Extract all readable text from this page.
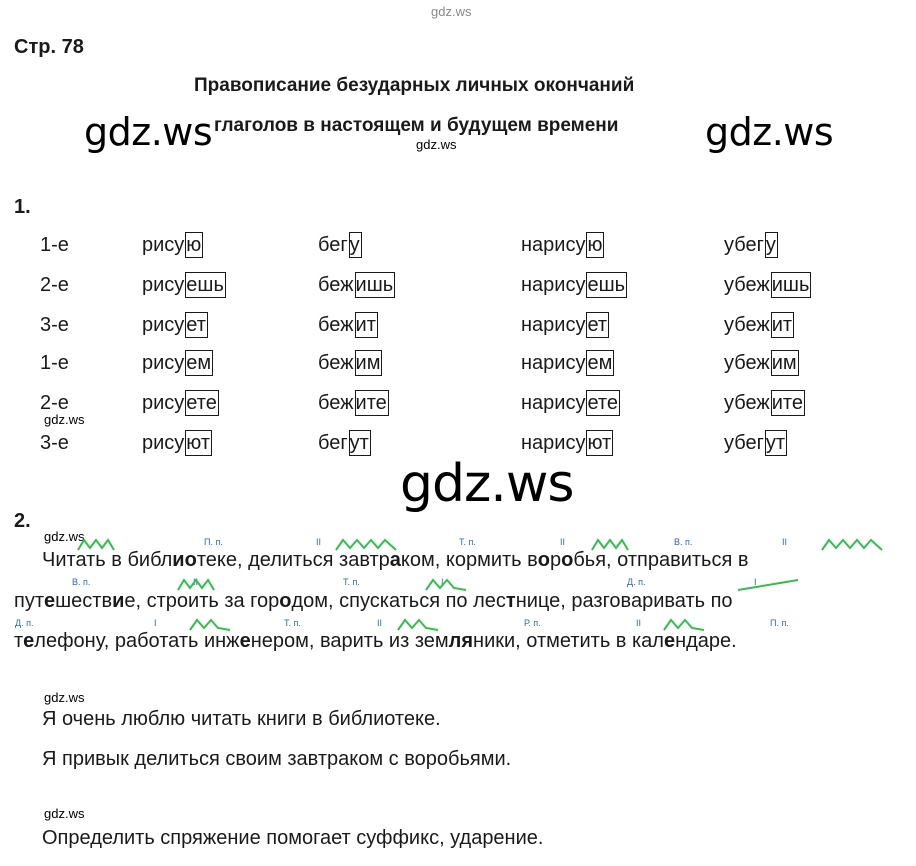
gdz.ws
gdz.ws	gdz.ws
gdz.ws
gdz.ws
gdz.ws
gdz.ws
gdz.ws
gdz.ws
Стр. 78
Правописание безударных личных окончаний
глаголов в настоящем и будущем времени
1.
1-е	рису ю	бег у	нарису ю	убег у
2-е	рису ешь	беж ишь	нарису ешь	убеж ишь
3-е	рису ет	беж ит	нарису ет	убеж ит
1-е	рису ем	беж им	нарису ем	убеж им
2-е	рису ете	беж ите	нарису ете	убеж ите
3-е	рису ют	бег ут	нарису ют	убег ут
2.
Читать в библиотеке, делиться завтраком, кормить воробья, отправиться в
путешествие, строить за городом, спускаться по лестнице, разговаривать по
телефону, работать инженером, варить из земляники, отметить в календаре.
П. п.	II	Т. п.	II	В. п.	II
В. п.	II	Т. п.	I	Д. п.	I
Д. п.	I	Т. п.	II	Р. п.	II	П. п.
Я очень люблю читать книги в библиотеке.
Я привык делиться своим завтраком с воробьями.
Определить спряжение помогает суффикс, ударение.
